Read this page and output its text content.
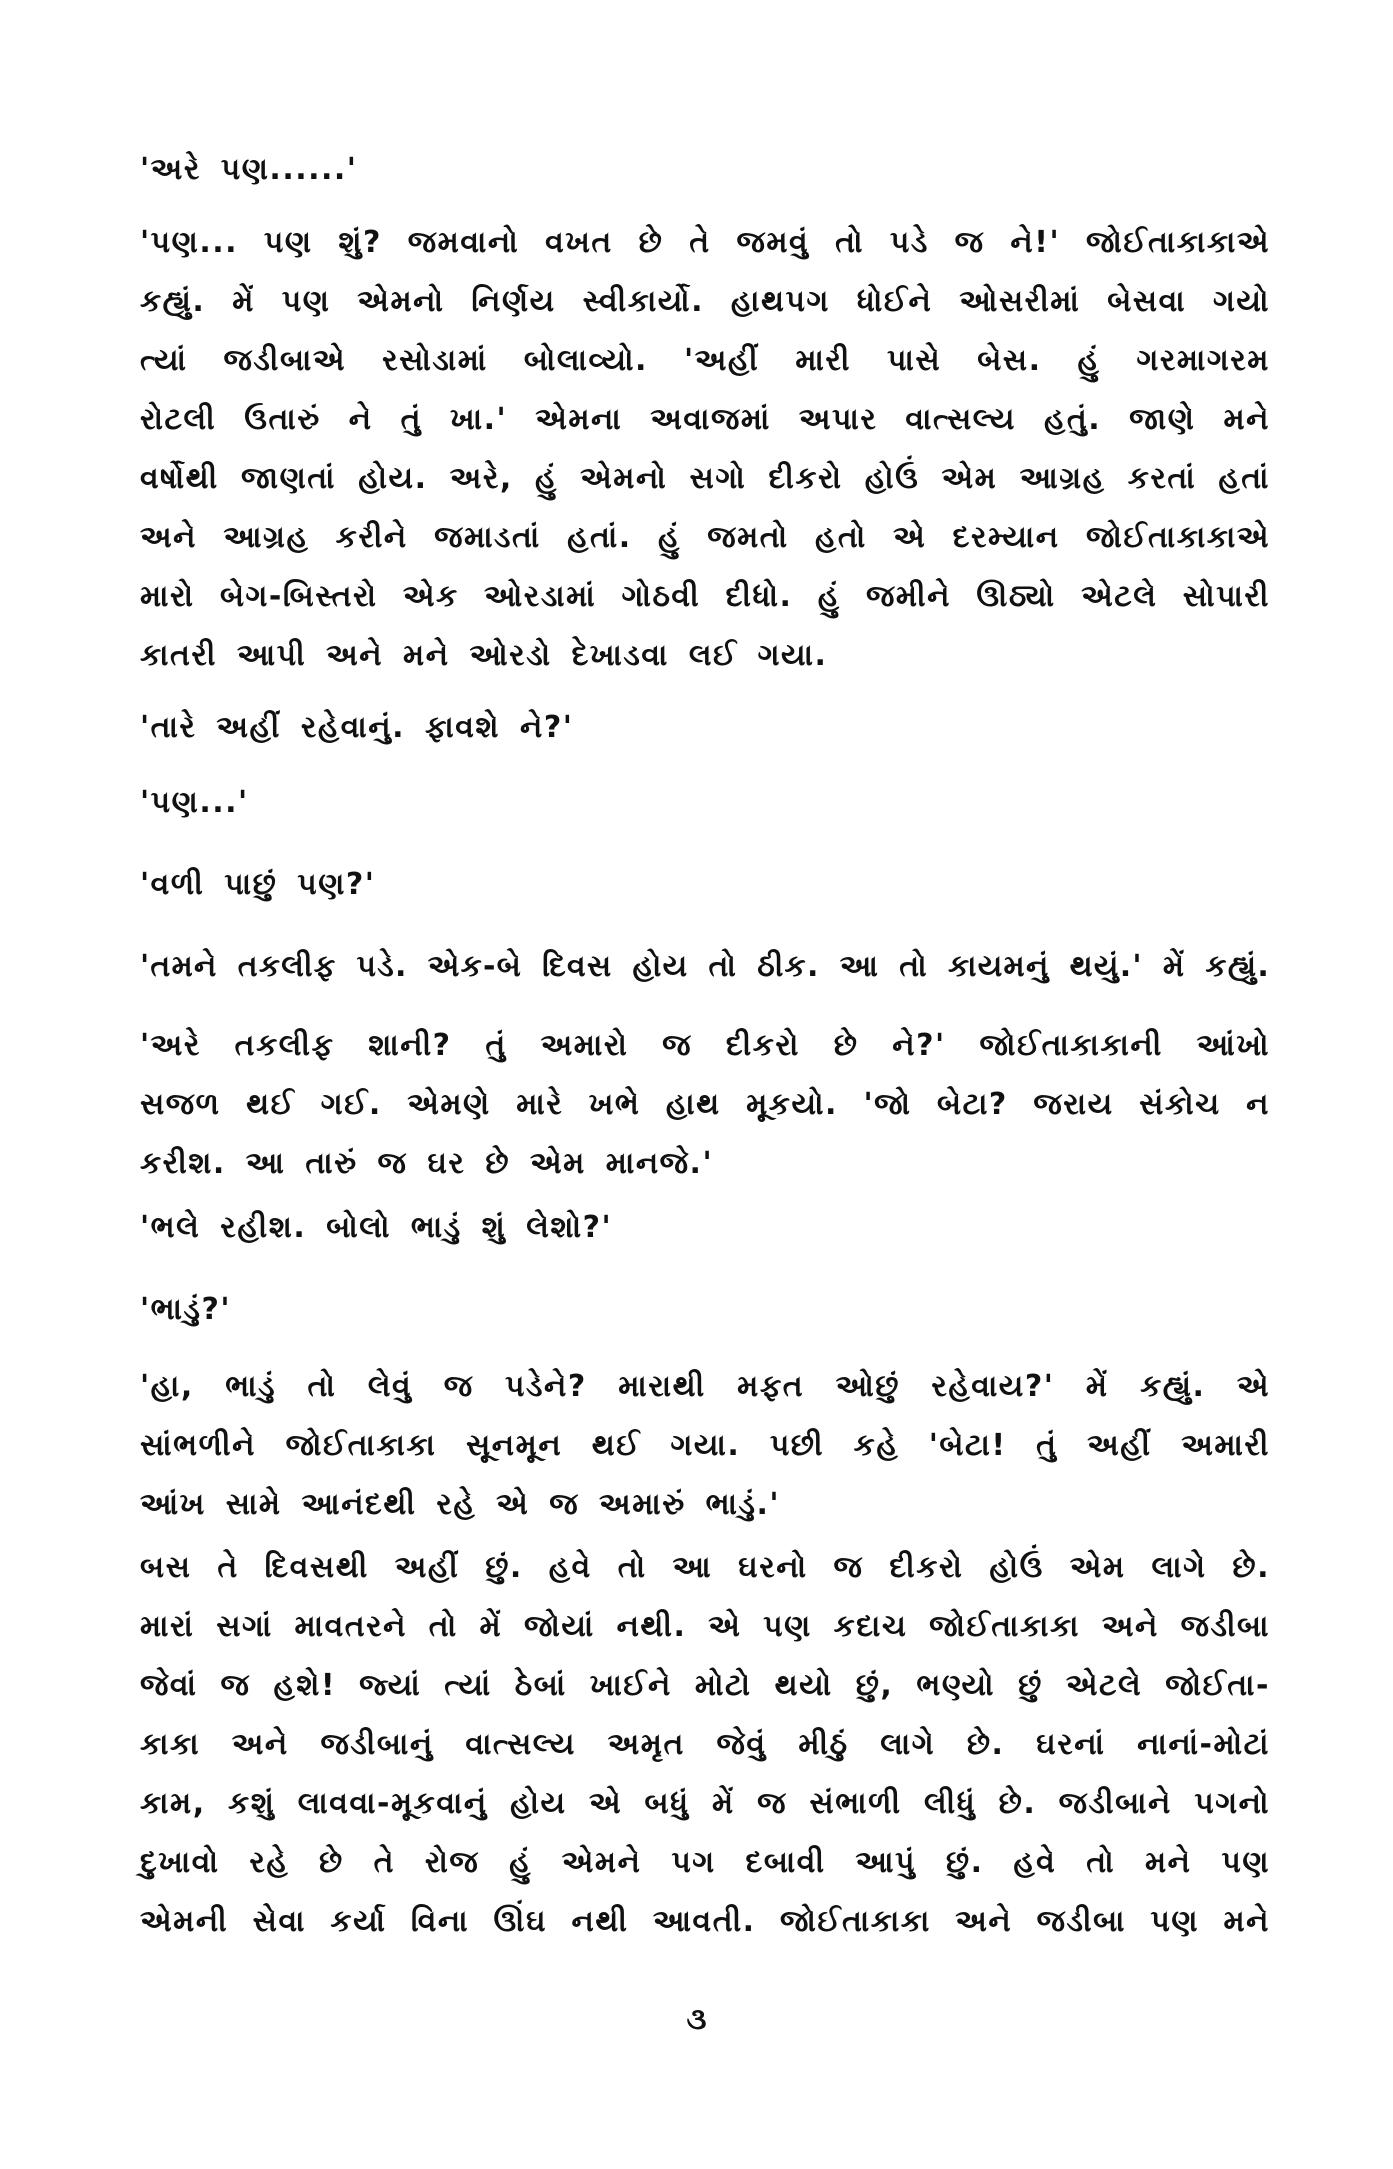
'અરે પણ......'
'પણ... પણ શું? જમવાનો વખત છે તે જમવું તો પડે જ ને!' જોઈતાકાકાએ
કહ્યું. મેં પણ એમનો નિર્ણય સ્વીકાર્યો. હાથપગ ધોઈને ઓસરીમાં બેસવા ગયો
ત્યાં જડીબાએ રસોડામાં બોલાવ્યો. 'અહીં મારી પાસે બેસ. હું ગરમાગરમ
રોટલી ઉતારું ને તું ખા.' એમના અવાજમાં અપાર વાત્સલ્ય હતું. જાણે મને
વર્ષોથી જાણતાં હોય. અરે, હું એમનો સગો દીકરો હોઉં એમ આગ્રહ કરતાં હતાં
અને આગ્રહ કરીને જમાડતાં હતાં. હું જમતો હતો એ દરમ્યાન જોઈતાકાકાએ
મારો બેગ-બિસ્તરો એક ઓરડામાં ગોઠવી દીધો. હું જમીને ઊઠ્યો એટલે સોપારી
કાતરી આપી અને મને ઓરડો દેખાડવા લઈ ગયા.
'તારે અહીં રહેવાનું. ફાવશે ને?'
'પણ...'
'વળી પાછું પણ?'
'તમને તકલીફ પડે. એક-બે દિવસ હોય તો ઠીક. આ તો કાયમનું થયું.' મેં કહ્યું.
'અરે તકલીફ શાની? તું અમારો જ દીકરો છે ને?' જોઈતાકાકાની આંખો
સજળ થઈ ગઈ. એમણે મારે ખભે હાથ મૂકયો. 'જો બેટા? જરાય સંકોચ ન
કરીશ. આ તારું જ ઘર છે એમ માનજે.'
'ભલે રહીશ. બોલો ભાડું શું લેશો?'
'ભાડું?'
'હા, ભાડું તો લેવું જ પડેને? મારાથી મફત ઓછું રહેવાય?' મેં કહ્યું. એ
સાંભળીને જોઈતાકાકા સૂનમૂન થઈ ગયા. પછી કહે 'બેટા! તું અહીં અમારી
આંખ સામે આનંદથી રહે એ જ અમારું ભાડું.'
બસ તે દિવસથી અહીં છું. હવે તો આ ઘરનો જ દીકરો હોઉં એમ લાગે છે.
મારાં સગાં માવતરને તો મેં જોયાં નથી. એ પણ કદાચ જોઈતાકાકા અને જડીબા
જેવાં જ હશે! જ્યાં ત્યાં ઠેબાં ખાઈને મોટો થયો છું, ભણ્યો છું એટલે જોઈતા-
કાકા અને જડીબાનું વાત્સલ્ય અમૃત જેવું મીઠું લાગે છે. ઘરનાં નાનાં-મોટાં
કામ, કશું લાવવા-મૂકવાનું હોય એ બધું મેં જ સંભાળી લીધું છે. જડીબાને પગનો
દુખાવો રહે છે તે રોજ હું એમને પગ દબાવી આપું છું. હવે તો મને પણ
એમની સેવા કર્યા વિના ઊંઘ નથી આવતી. જોઈતાકાકા અને જડીબા પણ મને
૩
